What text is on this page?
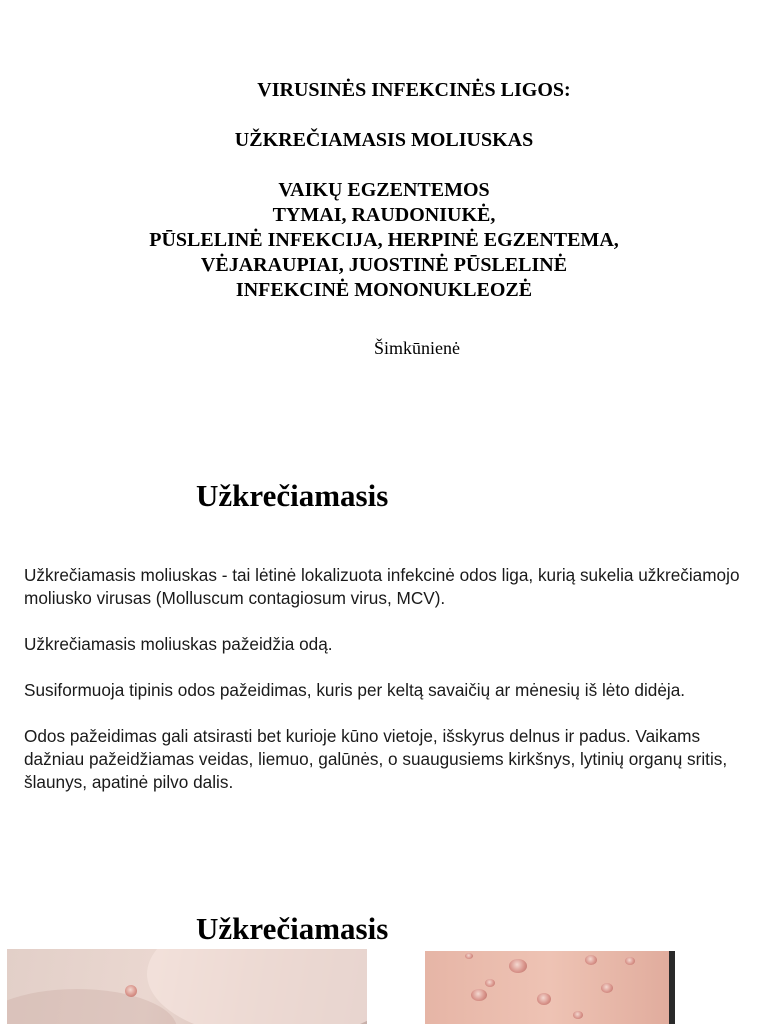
VIRUSINĖS INFEKCINĖS LIGOS:
UŽKREČIAMASIS MOLIUSKAS
VAIKŲ EGZENTEMOS
TYMAI, RAUDONIUKĖ,
PŪSLELINĖ INFEKCIJA, HERPINĖ EGZENTEMA,
VĖJARAUPIAI, JUOSTINĖ PŪSLELINĖ
INFEKCINĖ MONONUKLEOZĖ
Šimkūnienė
Užkrečiamasis
Užkrečiamasis moliuskas - tai lėtinė lokalizuota infekcinė odos liga, kurią sukelia užkrečiamojo moliusko virusas (Molluscum contagiosum virus, MCV).
Užkrečiamasis moliuskas pažeidžia odą.
Susiformuoja tipinis odos pažeidimas, kuris per keltą savaičių ar mėnesių iš lėto didėja.
Odos pažeidimas gali atsirasti bet kurioje kūno vietoje, išskyrus delnus ir padus. Vaikams dažniau pažeidžiamas veidas, liemuo, galūnės, o suaugusiems kirkšnys, lytinių organų sritis, šlaunys, apatinė pilvo dalis.
Užkrečiamasis
